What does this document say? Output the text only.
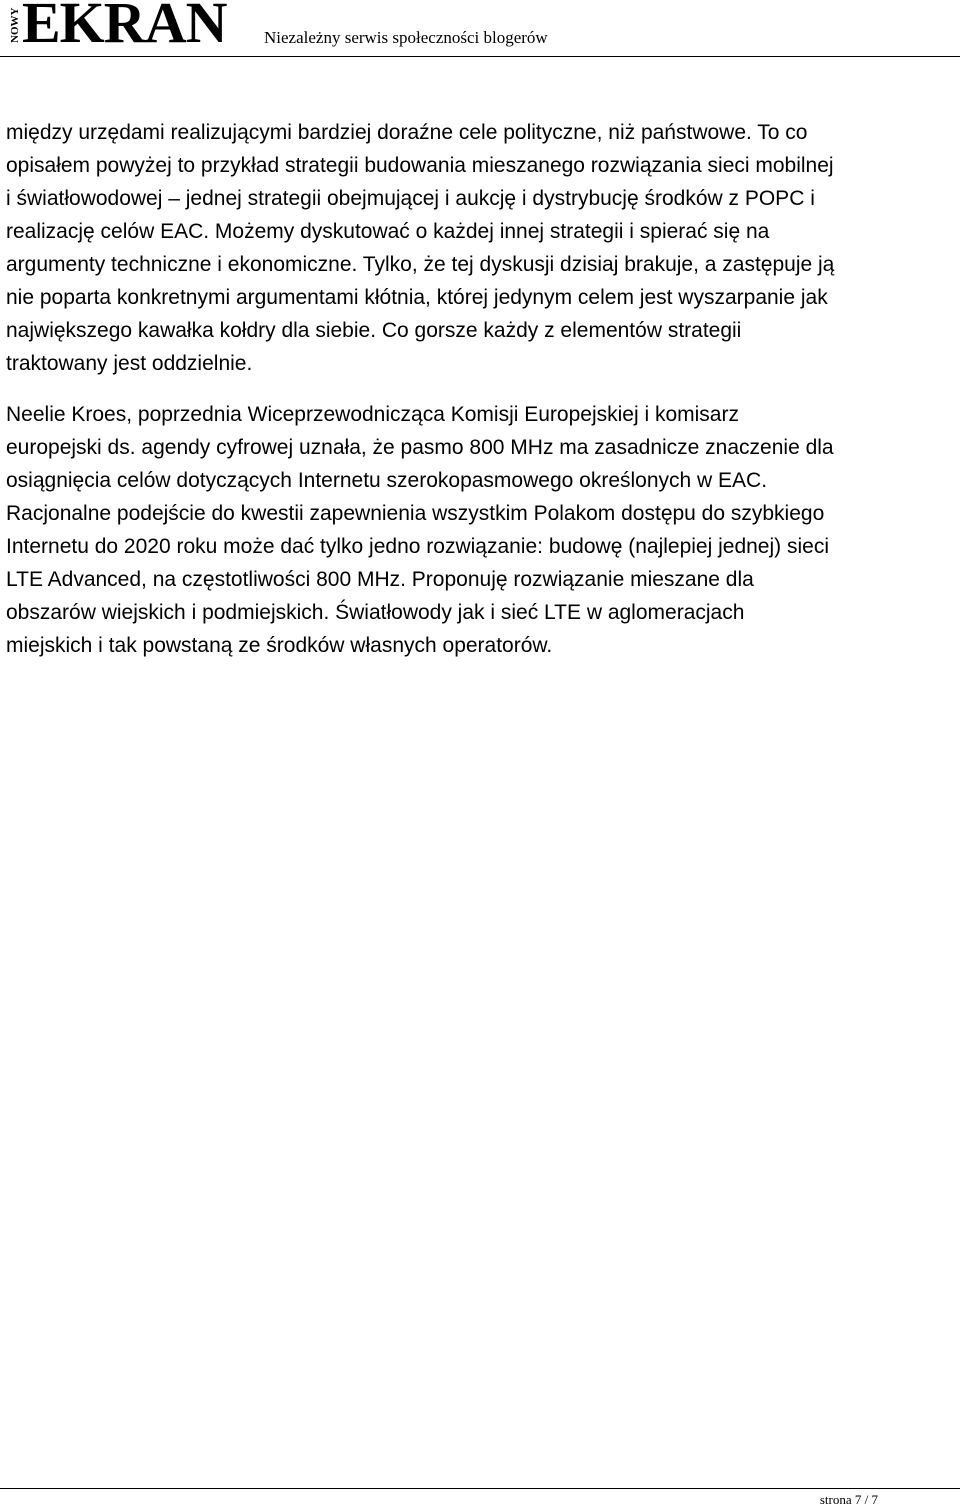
NOWY EKRAN Niezależny serwis społeczności blogerów

między urzędami realizującymi bardziej doraźne cele polityczne, niż państwowe. To co
opisałem powyżej to przykład strategii budowania mieszanego rozwiązania sieci mobilnej
i światłowodowej – jednej strategii obejmującej i aukcję i dystrybucję środków z POPC i
realizację celów EAC. Możemy dyskutować o każdej innej strategii i spierać się na
argumenty techniczne i ekonomiczne. Tylko, że tej dyskusji dzisiaj brakuje, a zastępuje ją
nie poparta konkretnymi argumentami kłótnia, której jedynym celem jest wyszarpanie jak
największego kawałka kołdry dla siebie. Co gorsze każdy z elementów strategii
traktowany jest oddzielnie.

Neelie Kroes, poprzednia Wiceprzewodnicząca Komisji Europejskiej i komisarz
europejski ds. agendy cyfrowej uznała, że pasmo 800 MHz ma zasadnicze znaczenie dla
osiągnięcia celów dotyczących Internetu szerokopasmowego określonych w EAC.
Racjonalne podejście do kwestii zapewnienia wszystkim Polakom dostępu do szybkiego
Internetu do 2020 roku może dać tylko jedno rozwiązanie: budowę (najlepiej jednej) sieci
LTE Advanced, na częstotliwości 800 MHz. Proponuję rozwiązanie mieszane dla
obszarów wiejskich i podmiejskich. Światłowody jak i sieć LTE w aglomeracjach
miejskich i tak powstaną ze środków własnych operatorów.

strona 7 / 7
